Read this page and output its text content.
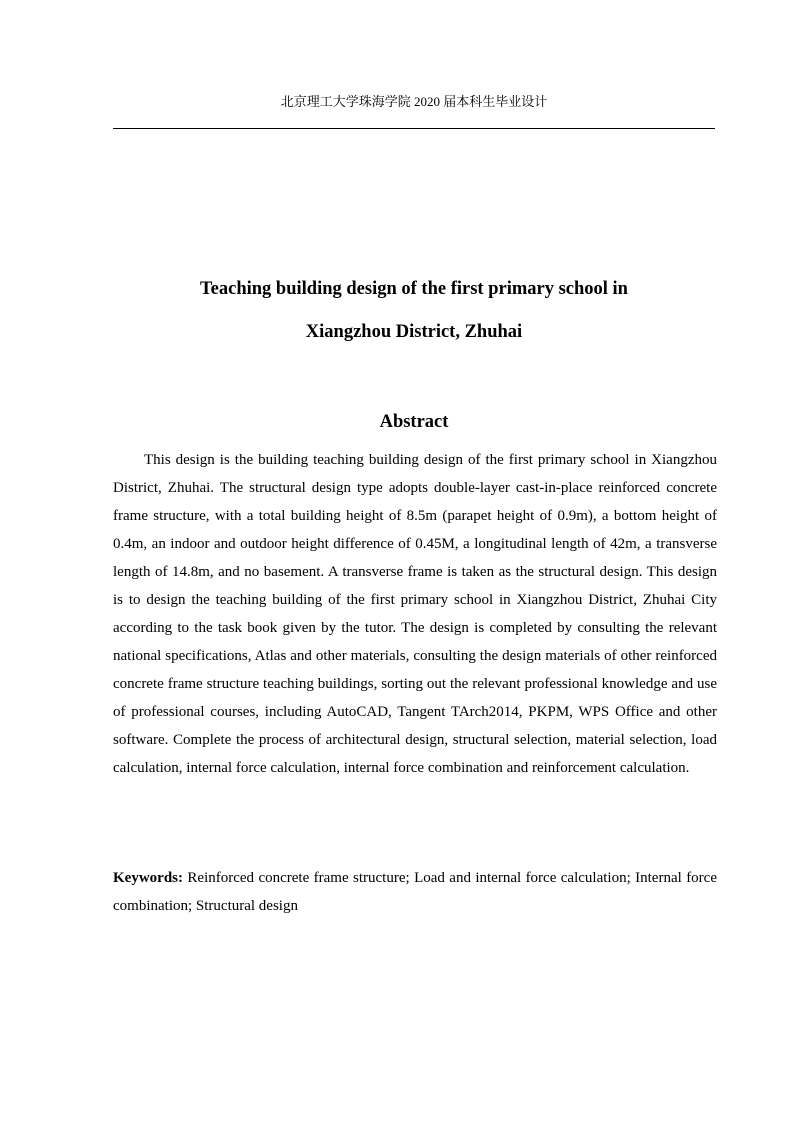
北京理工大学珠海学院 2020 届本科生毕业设计
Teaching building design of the first primary school in
Xiangzhou District, Zhuhai
Abstract

This design is the building teaching building design of the first primary school in Xiangzhou District, Zhuhai. The structural design type adopts double-layer cast-in-place reinforced concrete frame structure, with a total building height of 8.5m (parapet height of 0.9m), a bottom height of 0.4m, an indoor and outdoor height difference of 0.45M, a longitudinal length of 42m, a transverse length of 14.8m, and no basement. A transverse frame is taken as the structural design. This design is to design the teaching building of the first primary school in Xiangzhou District, Zhuhai City according to the task book given by the tutor. The design is completed by consulting the relevant national specifications, Atlas and other materials, consulting the design materials of other reinforced concrete frame structure teaching buildings, sorting out the relevant professional knowledge and use of professional courses, including AutoCAD, Tangent TArch2014, PKPM, WPS Office and other software. Complete the process of architectural design, structural selection, material selection, load calculation, internal force calculation, internal force combination and reinforcement calculation.

Keywords: Reinforced concrete frame structure; Load and internal force calculation; Internal force combination; Structural design
